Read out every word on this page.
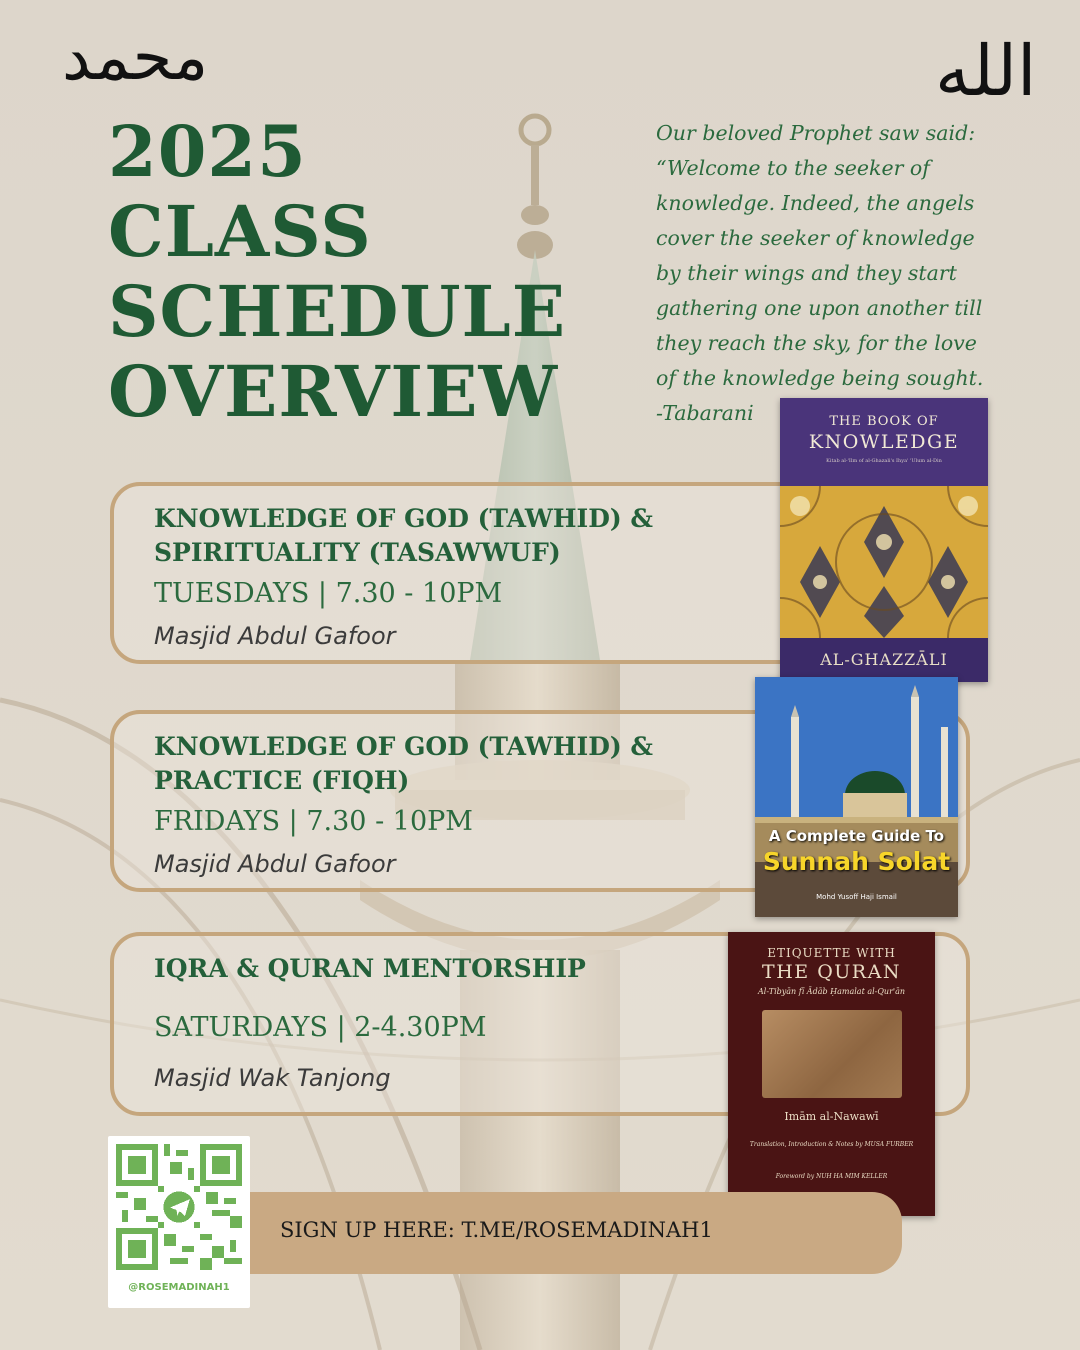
محمد	الله
2025
CLASS
SCHEDULE
OVERVIEW
Our beloved Prophet saw said:
“Welcome to the seeker of
knowledge. Indeed, the angels
cover the seeker of knowledge
by their wings and they start
gathering one upon another till
they reach the sky, for the love
of the knowledge being sought.
-Tabarani
KNOWLEDGE OF GOD (TAWHID) &
SPIRITUALITY (TASAWWUF)
TUESDAYS | 7.30 - 10PM
Masjid Abdul Gafoor
KNOWLEDGE OF GOD (TAWHID) &
PRACTICE (FIQH)
FRIDAYS | 7.30 - 10PM
Masjid Abdul Gafoor
IQRA & QURAN MENTORSHIP
SATURDAYS | 2-4.30PM
Masjid Wak Tanjong
THE BOOK OF
KNOWLEDGE
Kitab al-'Ilm of al-Ghazali's Ihya' 'Ulum al-Din
AL-GHAZZĀLI
A Complete Guide To
Sunnah Solat
Mohd Yusoff Haji Ismail
ETIQUETTE WITH
THE QURAN
Al-Tibyān fī Ādāb Ḥamalat al-Qur'ān
Imām al-Nawawī
Translation, Introduction & Notes by MUSA FURBER
Foreword by NUH HA MIM KELLER
SIGN UP HERE: T.ME/ROSEMADINAH1
@ROSEMADINAH1
